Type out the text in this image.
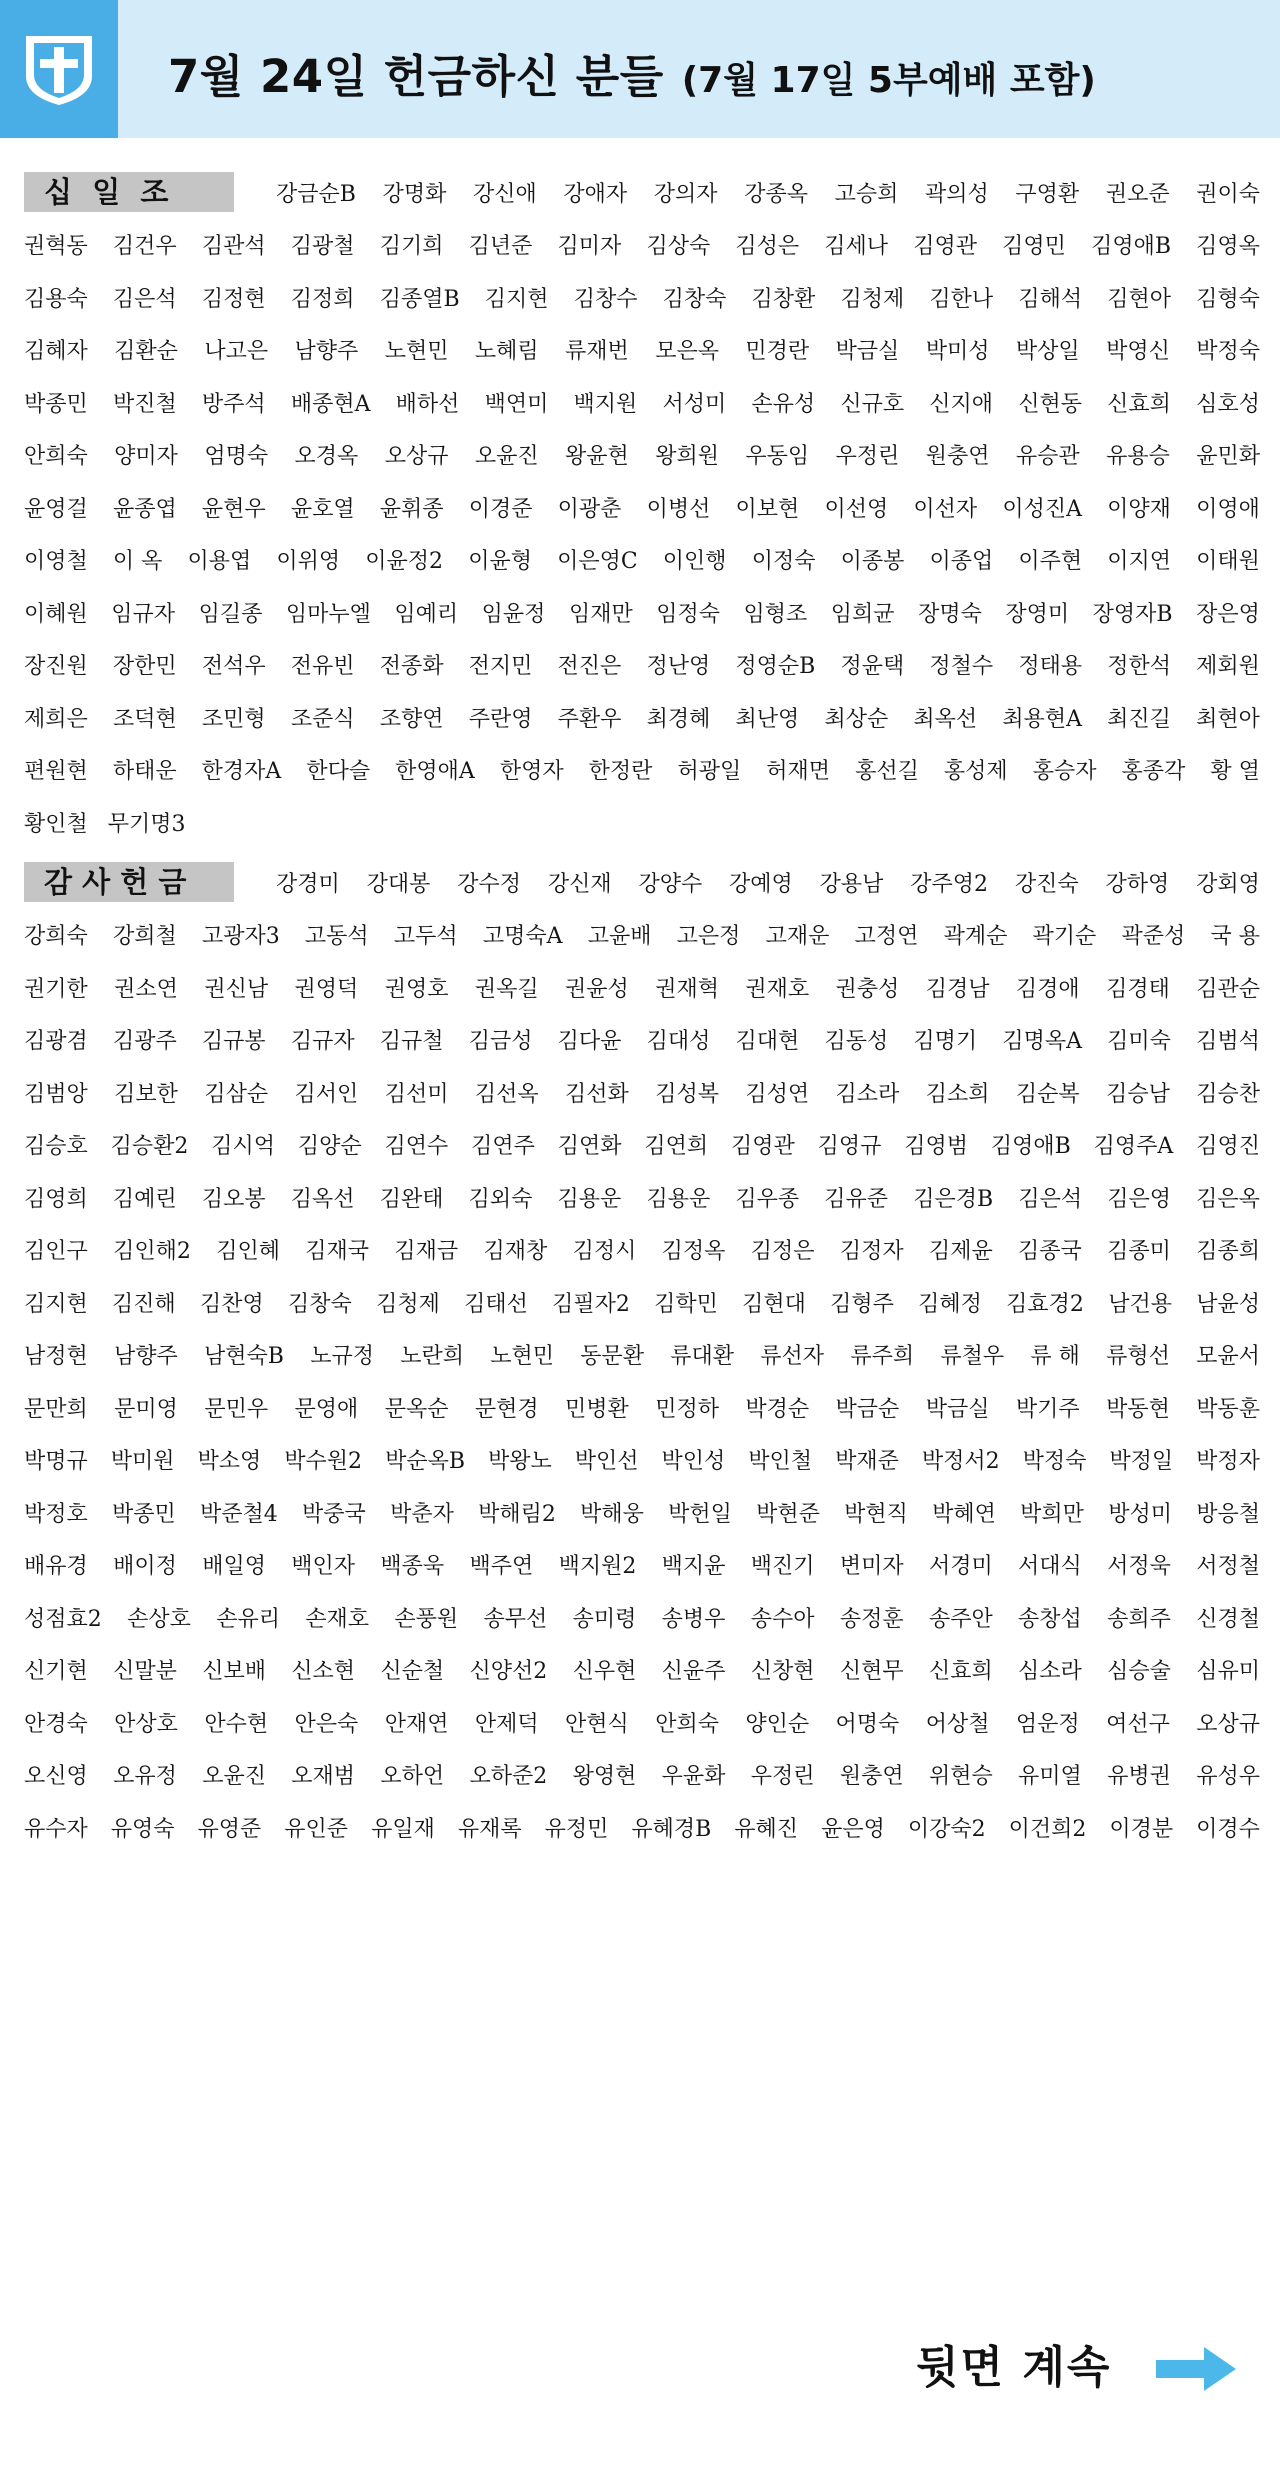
7월 24일 헌금하신 분들 (7월 17일 5부예배 포함)
십  일  조	강금순B 강명화 강신애 강애자 강의자 강종옥 고승희 곽의성 구영환 권오준 권이숙
권혁동 김건우 김관석 김광철 김기희 김년준 김미자 김상숙 김성은 김세나 김영관 김영민 김영애B 김영옥
김용숙 김은석 김정현 김정희 김종열B 김지현 김창수 김창숙 김창환 김청제 김한나 김해석 김현아 김형숙
김혜자 김환순 나고은 남향주 노현민 노혜림 류재번 모은옥 민경란 박금실 박미성 박상일 박영신 박정숙
박종민 박진철 방주석 배종현A 배하선 백연미 백지원 서성미 손유성 신규호 신지애 신현동 신효희 심호성
안희숙 양미자 엄명숙 오경옥 오상규 오윤진 왕윤현 왕희원 우동임 우정린 원충연 유승관 유용승 윤민화
윤영걸 윤종엽 윤현우 윤호열 윤휘종 이경준 이광춘 이병선 이보현 이선영 이선자 이성진A 이양재 이영애
이영철 이 옥 이용엽 이위영 이윤정2 이윤형 이은영C 이인행 이정숙 이종봉 이종업 이주현 이지연 이태원
이혜원 임규자 임길종 임마누엘 임예리 임윤정 임재만 임정숙 임형조 임희균 장명숙 장영미 장영자B 장은영
장진원 장한민 전석우 전유빈 전종화 전지민 전진은 정난영 정영순B 정윤택 정철수 정태용 정한석 제회원
제희은 조덕현 조민형 조준식 조향연 주란영 주환우 최경혜 최난영 최상순 최옥선 최용현A 최진길 최현아
편원현 하태운 한경자A 한다슬 한영애A 한영자 한정란 허광일 허재면 홍선길 홍성제 홍승자 홍종각 황 열
황인철 무기명3
감 사 헌 금	강경미 강대봉 강수정 강신재 강양수 강예영 강용남 강주영2 강진숙 강하영 강회영
강희숙 강희철 고광자3 고동석 고두석 고명숙A 고윤배 고은정 고재운 고정연 곽계순 곽기순 곽준성 국 용
권기한 권소연 권신남 권영덕 권영호 권옥길 권윤성 권재혁 권재호 권충성 김경남 김경애 김경태 김관순
김광겸 김광주 김규봉 김규자 김규철 김금성 김다윤 김대성 김대현 김동성 김명기 김명옥A 김미숙 김범석
김범앙 김보한 김삼순 김서인 김선미 김선옥 김선화 김성복 김성연 김소라 김소희 김순복 김승남 김승찬
김승호 김승환2 김시억 김양순 김연수 김연주 김연화 김연희 김영관 김영규 김영범 김영애B 김영주A 김영진
김영희 김예린 김오봉 김옥선 김완태 김외숙 김용운 김용운 김우종 김유준 김은경B 김은석 김은영 김은옥
김인구 김인해2 김인혜 김재국 김재금 김재창 김정시 김정옥 김정은 김정자 김제윤 김종국 김종미 김종희
김지현 김진해 김찬영 김창숙 김청제 김태선 김필자2 김학민 김현대 김형주 김혜정 김효경2 남건용 남윤성
남정현 남향주 남현숙B 노규정 노란희 노현민 동문환 류대환 류선자 류주희 류철우 류 해 류형선 모윤서
문만희 문미영 문민우 문영애 문옥순 문현경 민병환 민정하 박경순 박금순 박금실 박기주 박동현 박동훈
박명규 박미원 박소영 박수원2 박순옥B 박왕노 박인선 박인성 박인철 박재준 박정서2 박정숙 박정일 박정자
박정호 박종민 박준철4 박중국 박춘자 박해림2 박해웅 박헌일 박현준 박현직 박혜연 박희만 방성미 방응철
배유경 배이정 배일영 백인자 백종욱 백주연 백지원2 백지윤 백진기 변미자 서경미 서대식 서정욱 서정철
성점효2 손상호 손유리 손재호 손풍원 송무선 송미령 송병우 송수아 송정훈 송주안 송창섭 송희주 신경철
신기현 신말분 신보배 신소현 신순철 신양선2 신우현 신윤주 신창현 신현무 신효희 심소라 심승술 심유미
안경숙 안상호 안수현 안은숙 안재연 안제덕 안현식 안희숙 양인순 어명숙 어상철 엄운정 여선구 오상규
오신영 오유정 오윤진 오재범 오하언 오하준2 왕영현 우윤화 우정린 원충연 위현승 유미열 유병권 유성우
유수자 유영숙 유영준 유인준 유일재 유재록 유정민 유혜경B 유혜진 윤은영 이강숙2 이건희2 이경분 이경수
뒷면 계속
